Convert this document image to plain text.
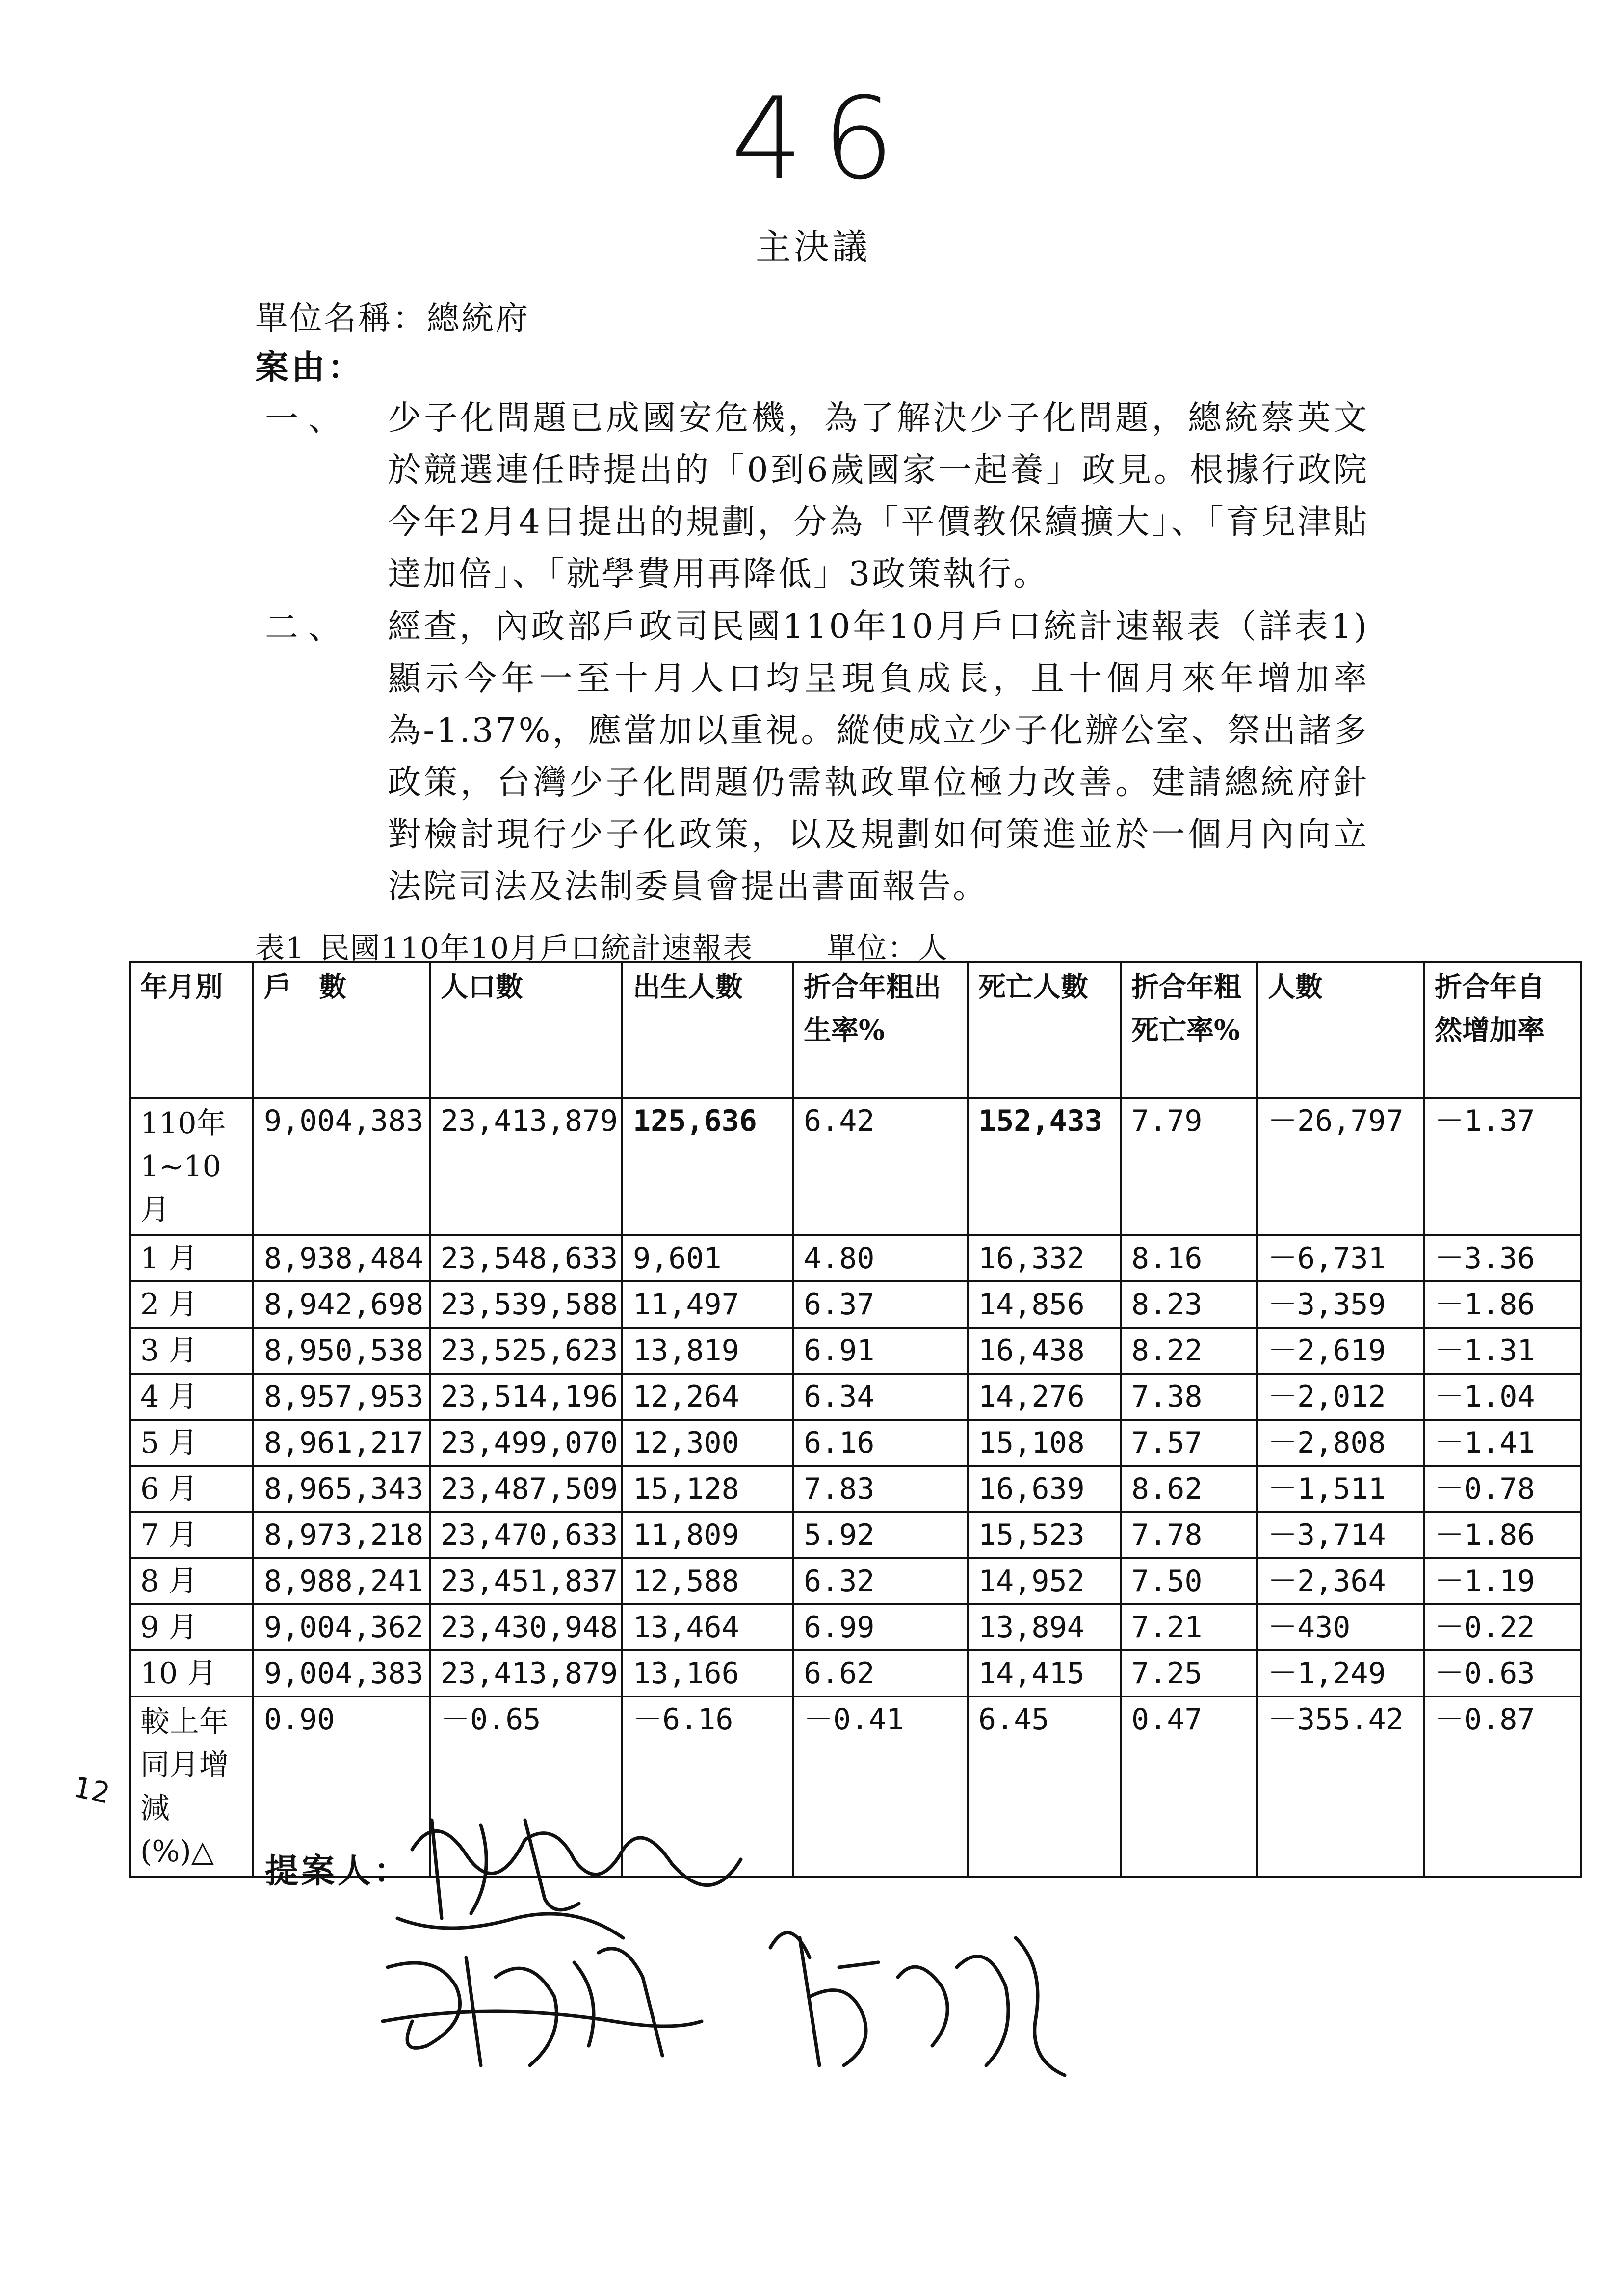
46
主決議
單位名稱：總統府
案由：
一、 少子化問題已成國安危機，為了解決少子化問題，總統蔡英文於競選連任時提出的「0到6歲國家一起養」政見。根據行政院今年2月4日提出的規劃，分為「平價教保續擴大」、「育兒津貼達加倍」、「就學費用再降低」3政策執行。
二、 經查，內政部戶政司民國110年10月戶口統計速報表（詳表1)顯示今年一至十月人口均呈現負成長，且十個月來年增加率為-1.37%，應當加以重視。縱使成立少子化辦公室、祭出諸多政策，台灣少子化問題仍需執政單位極力改善。建請總統府針對檢討現行少子化政策，以及規劃如何策進並於一個月內向立法院司法及法制委員會提出書面報告。
表1 民國110年10月戶口統計速報表	單位：人
年月別	戶　數	人口數	出生人數	折合年粗出生率%	死亡人數	折合年粗死亡率%	人數	折合年自然增加率
110年 1~10月	9,004,383	23,413,879	125,636	6.42	152,433	7.79	－26,797	－1.37
1 月	8,938,484	23,548,633	9,601	4.80	16,332	8.16	－6,731	－3.36
2 月	8,942,698	23,539,588	11,497	6.37	14,856	8.23	－3,359	－1.86
3 月	8,950,538	23,525,623	13,819	6.91	16,438	8.22	－2,619	－1.31
4 月	8,957,953	23,514,196	12,264	6.34	14,276	7.38	－2,012	－1.04
5 月	8,961,217	23,499,070	12,300	6.16	15,108	7.57	－2,808	－1.41
6 月	8,965,343	23,487,509	15,128	7.83	16,639	8.62	－1,511	－0.78
7 月	8,973,218	23,470,633	11,809	5.92	15,523	7.78	－3,714	－1.86
8 月	8,988,241	23,451,837	12,588	6.32	14,952	7.50	－2,364	－1.19
9 月	9,004,362	23,430,948	13,464	6.99	13,894	7.21	－430	－0.22
10 月	9,004,383	23,413,879	13,166	6.62	14,415	7.25	－1,249	－0.63
較上年同月增減(%)△	0.90	－0.65	－6.16	－0.41	6.45	0.47	－355.42	－0.87
12
提案人：
